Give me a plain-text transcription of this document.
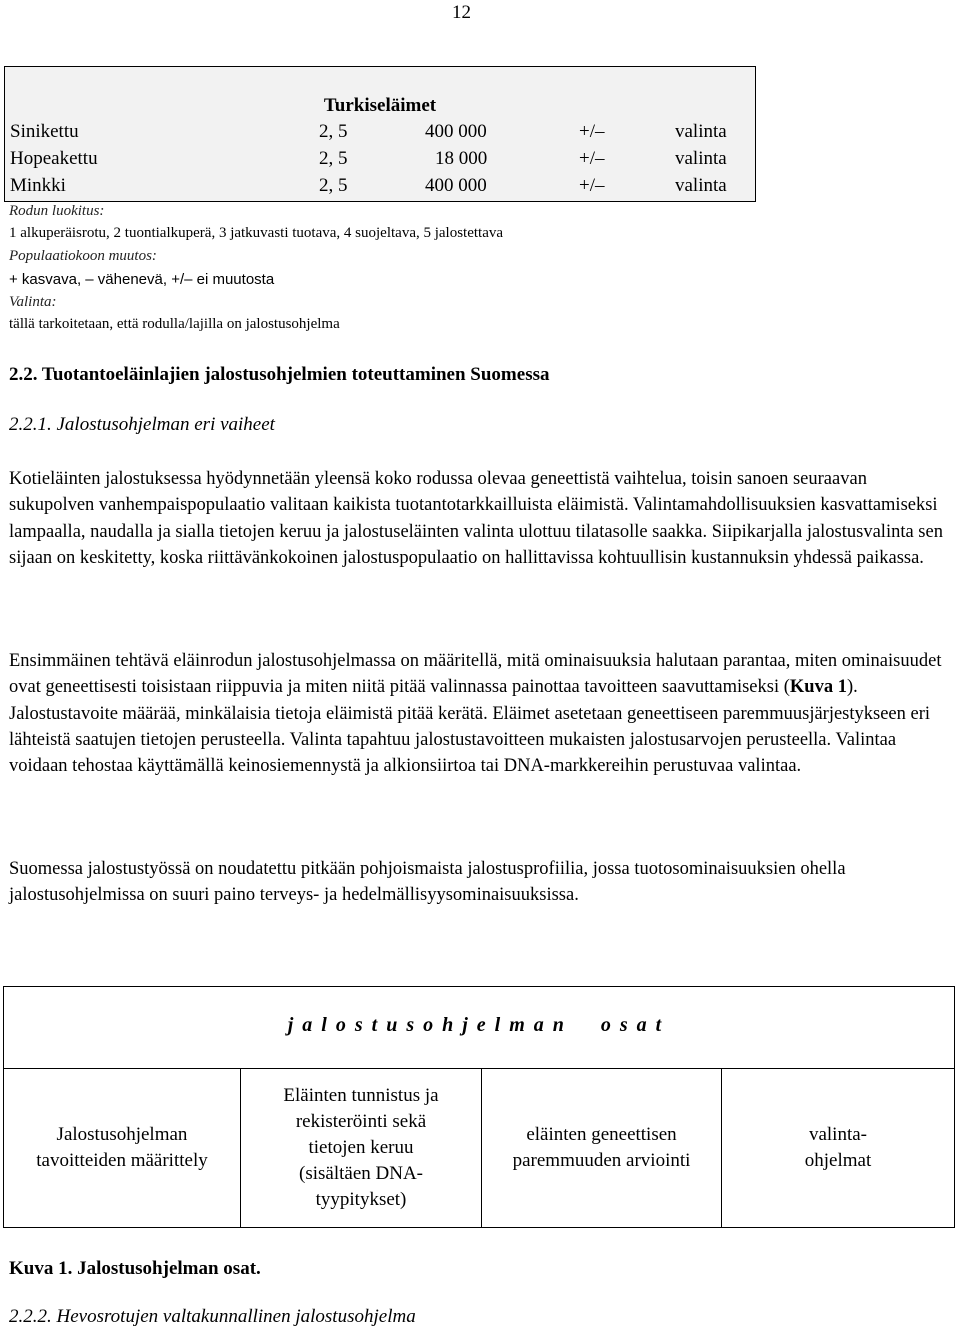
12
Turkiseläimet
Sinikettu	2, 5	400 000	+/–	valinta
Hopeakettu	2, 5	18 000	+/–	valinta
Minkki	2, 5	400 000	+/–	valinta
Rodun luokitus:
1 alkuperäisrotu, 2 tuontialkuperä, 3 jatkuvasti tuotava, 4 suojeltava, 5 jalostettava
Populaatiokoon muutos:
+ kasvava, – vähenevä, +/– ei muutosta
Valinta:
tällä tarkoitetaan, että rodulla/lajilla on jalostusohjelma
2.2. Tuotantoeläinlajien jalostusohjelmien toteuttaminen Suomessa
2.2.1. Jalostusohjelman eri vaiheet

Kotieläinten jalostuksessa hyödynnetään yleensä koko rodussa olevaa geneettistä vaihtelua, toisin sanoen seuraavan sukupolven vanhempaispopulaatio valitaan kaikista tuotantotarkkailluista eläimistä. Valintamahdollisuuksien kasvattamiseksi lampaalla, naudalla ja sialla tietojen keruu ja jalostuseläinten valinta ulottuu tilatasolle saakka. Siipikarjalla jalostusvalinta sen sijaan on keskitetty, koska riittävänkokoinen jalostuspopulaatio on hallittavissa kohtuullisin kustannuksin yhdessä paikassa.

Ensimmäinen tehtävä eläinrodun jalostusohjelmassa on määritellä, mitä ominaisuuksia halutaan parantaa, miten ominaisuudet ovat geneettisesti toisistaan riippuvia ja miten niitä pitää valinnassa painottaa tavoitteen saavuttamiseksi (Kuva 1). Jalostustavoite määrää, minkälaisia tietoja eläimistä pitää kerätä. Eläimet asetetaan geneettiseen paremmuusjärjestykseen eri lähteistä saatujen tietojen perusteella. Valinta tapahtuu jalostustavoitteen mukaisten jalostusarvojen perusteella. Valintaa voidaan tehostaa käyttämällä keinosiemennystä ja alkionsiirtoa tai DNA-markkereihin perustuvaa valintaa.

Suomessa jalostustyössä on noudatettu pitkään pohjoismaista jalostusprofiilia, jossa tuotosominaisuuksien ohella jalostusohjelmissa on suuri paino terveys- ja hedelmällisyysominaisuuksissa.

jalostusohjelman  osat
Jalostusohjelman
tavoitteiden määrittely
Eläinten tunnistus ja
rekisteröinti sekä
tietojen keruu
(sisältäen DNA-
tyypitykset)
eläinten geneettisen
paremmuuden arviointi
valinta-
ohjelmat
Kuva 1. Jalostusohjelman osat.
2.2.2. Hevosrotujen valtakunnallinen jalostusohjelma
